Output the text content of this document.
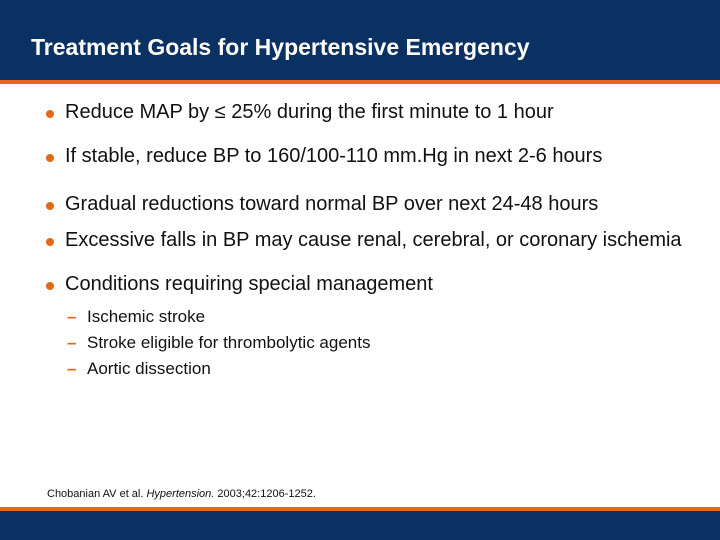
Treatment Goals for Hypertensive Emergency
Reduce MAP by ≤ 25% during the first minute to 1 hour
If stable, reduce BP to 160/100-110 mm.Hg in next 2-6 hours
Gradual reductions toward normal BP over next 24-48 hours
Excessive falls in BP may cause renal, cerebral, or coronary ischemia
Conditions requiring special management
– Ischemic stroke
– Stroke eligible for thrombolytic agents
– Aortic dissection
Chobanian AV et al. Hypertension. 2003;42:1206-1252.
